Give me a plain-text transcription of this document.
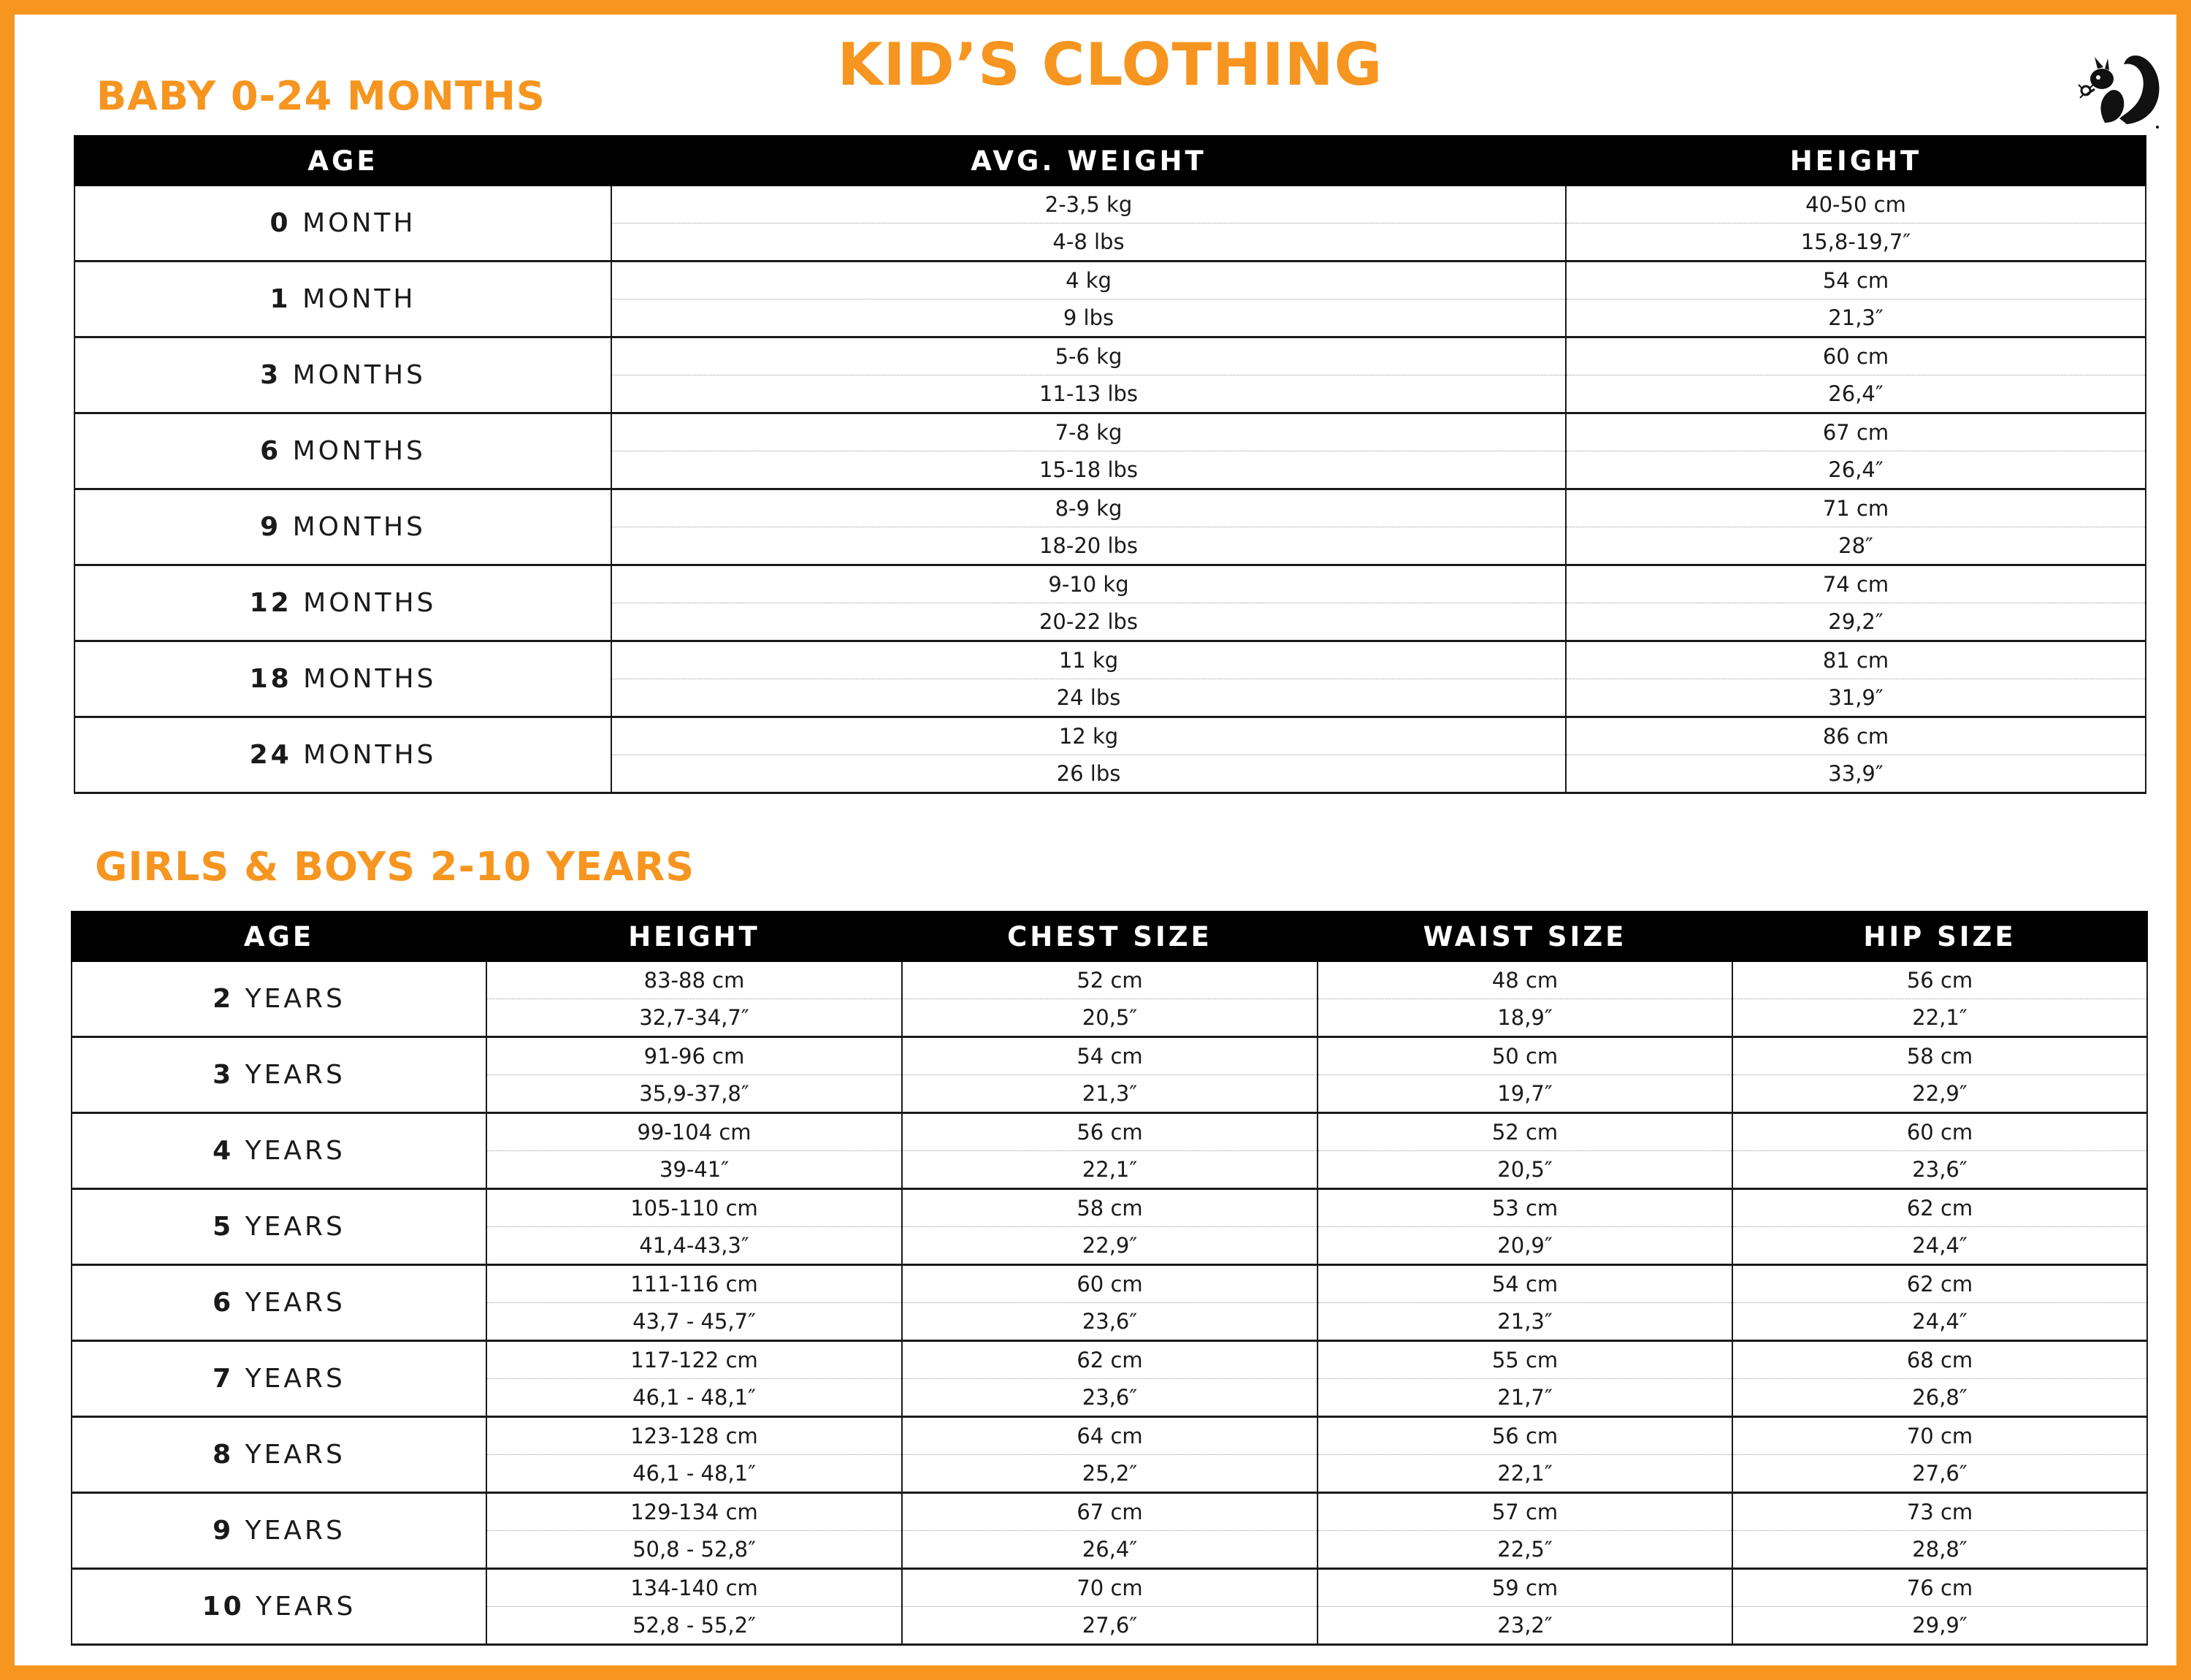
KID’S CLOTHING
BABY 0-24 MONTHS
AGE	AVG. WEIGHT	HEIGHT
0 MONTH	2-3,5 kg	40-50 cm
	4-8 lbs	15,8-19,7″
1 MONTH	4 kg	54 cm
	9 lbs	21,3″
3 MONTHS	5-6 kg	60 cm
	11-13 lbs	26,4″
6 MONTHS	7-8 kg	67 cm
	15-18 lbs	26,4″
9 MONTHS	8-9 kg	71 cm
	18-20 lbs	28″
12 MONTHS	9-10 kg	74 cm
	20-22 lbs	29,2″
18 MONTHS	11 kg	81 cm
	24 lbs	31,9″
24 MONTHS	12 kg	86 cm
	26 lbs	33,9″
GIRLS & BOYS 2-10 YEARS
AGE	HEIGHT	CHEST SIZE	WAIST SIZE	HIP SIZE
2 YEARS	83-88 cm	52 cm	48 cm	56 cm
	32,7-34,7″	20,5″	18,9″	22,1″
3 YEARS	91-96 cm	54 cm	50 cm	58 cm
	35,9-37,8″	21,3″	19,7″	22,9″
4 YEARS	99-104 cm	56 cm	52 cm	60 cm
	39-41″	22,1″	20,5″	23,6″
5 YEARS	105-110 cm	58 cm	53 cm	62 cm
	41,4-43,3″	22,9″	20,9″	24,4″
6 YEARS	111-116 cm	60 cm	54 cm	62 cm
	43,7 - 45,7″	23,6″	21,3″	24,4″
7 YEARS	117-122 cm	62 cm	55 cm	68 cm
	46,1 - 48,1″	23,6″	21,7″	26,8″
8 YEARS	123-128 cm	64 cm	56 cm	70 cm
	46,1 - 48,1″	25,2″	22,1″	27,6″
9 YEARS	129-134 cm	67 cm	57 cm	73 cm
	50,8 - 52,8″	26,4″	22,5″	28,8″
10 YEARS	134-140 cm	70 cm	59 cm	76 cm
	52,8 - 55,2″	27,6″	23,2″	29,9″
